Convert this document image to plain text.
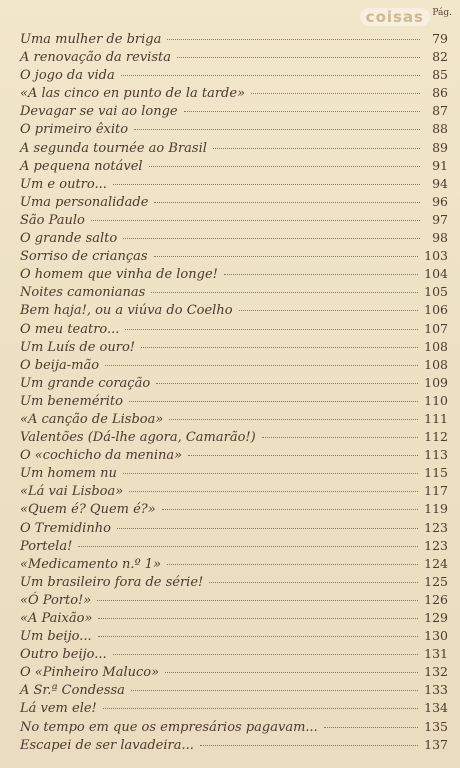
coisas Pág.
Uma mulher de briga	79
A renovação da revista	82
O jogo da vida	85
«A las cinco en punto de la tarde»	86
Devagar se vai ao longe	87
O primeiro êxito	88
A segunda tournée ao Brasil	89
A pequena notável	91
Um e outro...	94
Uma personalidade	96
São Paulo	97
O grande salto	98
Sorriso de crianças	103
O homem que vinha de longe!	104
Noites camonianas	105
Bem haja!, ou a viúva do Coelho	106
O meu teatro...	107
Um Luís de ouro!	108
O beija-mão	108
Um grande coração	109
Um benemérito	110
«A canção de Lisboa»	111
Valentões (Dá-lhe agora, Camarão!)	112
O «cochicho da menina»	113
Um homem nu	115
«Lá vai Lisboa»	117
«Quem é? Quem é?»	119
O Tremidinho	123
Portela!	123
«Medicamento n.º 1»	124
Um brasileiro fora de série!	125
«Ó Porto!»	126
«A Paixão»	129
Um beijo...	130
Outro beijo...	131
O «Pinheiro Maluco»	132
A Sr.ª Condessa	133
Lá vem ele!	134
No tempo em que os empresários pagavam...	135
Escapei de ser lavadeira...	137
